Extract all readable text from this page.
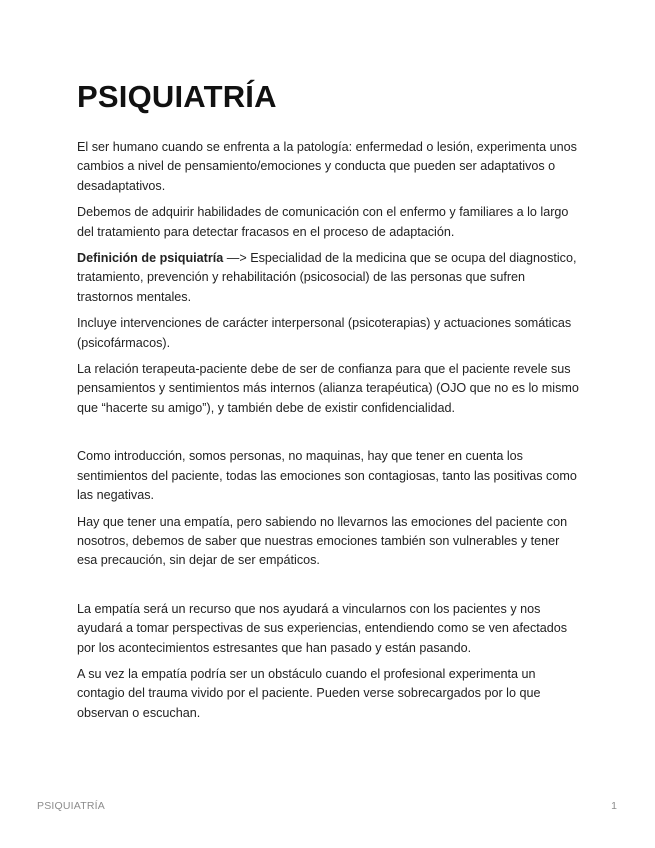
PSIQUIATRÍA

El ser humano cuando se enfrenta a la patología: enfermedad o lesión, experimenta unos cambios a nivel de pensamiento/emociones y conducta que pueden ser adaptativos o desadaptativos.

Debemos de adquirir habilidades de comunicación con el enfermo y familiares a lo largo del tratamiento para detectar fracasos en el proceso de adaptación.

Definición de psiquiatría —> Especialidad de la medicina que se ocupa del diagnostico, tratamiento, prevención y rehabilitación (psicosocial) de las personas que sufren trastornos mentales.

Incluye intervenciones de carácter interpersonal (psicoterapias) y actuaciones somáticas (psicofármacos).

La relación terapeuta-paciente debe de ser de confianza para que el paciente revele sus pensamientos y sentimientos más internos (alianza terapéutica) (OJO que no es lo mismo que “hacerte su amigo”), y también debe de existir confidencialidad.

Como introducción, somos personas, no maquinas, hay que tener en cuenta los sentimientos del paciente, todas las emociones son contagiosas, tanto las positivas como las negativas.

Hay que tener una empatía, pero sabiendo no llevarnos las emociones del paciente con nosotros, debemos de saber que nuestras emociones también son vulnerables y tener esa precaución, sin dejar de ser empáticos.

La empatía será un recurso que nos ayudará a vincularnos con los pacientes y nos ayudará a tomar perspectivas de sus experiencias, entendiendo como se ven afectados por los acontecimientos estresantes que han pasado y están pasando.

A su vez la empatía podría ser un obstáculo cuando el profesional experimenta un contagio del trauma vivido por el paciente. Pueden verse sobrecargados por lo que observan o escuchan.

PSIQUIATRÍA	1
